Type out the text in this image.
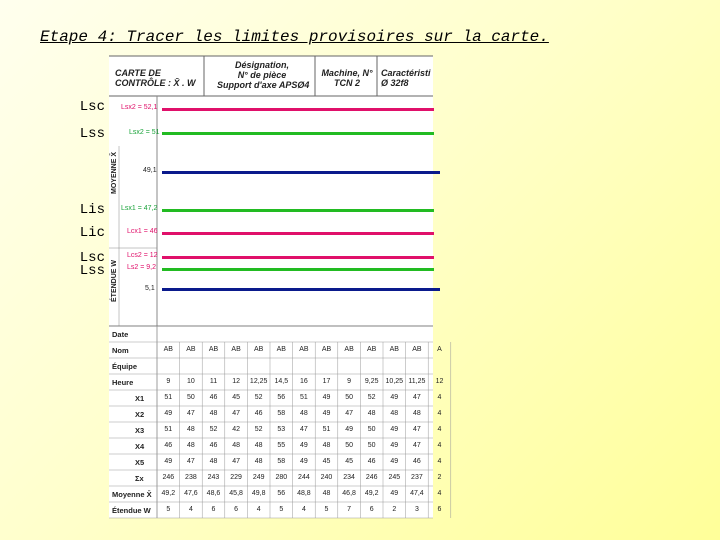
Etape 4: Tracer les limites provisoires sur la carte.
Lsc
Lss
Lis
Lic
Lsc
Lss
CARTE DE
CONTRÔLE : X̄ . W
Désignation,
N° de pièce
Support d'axe APSØ4
Machine, N°
TCN 2
Caractéristi
Ø 32f8
MOYENNE X̄
ÉTENDUE W
Lsx2 = 52,1
Lsx2 = 51
49,1
Lsx1 = 47,2
Lcx1 = 46
Lcs2 = 12
Ls2 = 9,2
5,1
Date
Nom
Équipe
Heure
X1
X2
X3
X4
X5
Σx
Moyenne X̄
Étendue W
AB
9
51
49
51
46
49
246
49,2
5
AB
10
50
47
48
48
47
238
47,6
4
AB
11
46
48
52
46
48
243
48,6
6
AB
12
45
47
42
48
47
229
45,8
6
AB
12,25
52
46
52
48
48
249
49,8
4
AB
14,5
56
58
53
55
58
280
56
5
AB
16
51
48
47
49
49
244
48,8
4
AB
17
49
49
51
48
45
240
48
5
AB
9
50
47
49
50
45
234
46,8
7
AB
9,25
52
48
50
50
46
246
49,2
6
AB
10,25
49
48
49
49
49
245
49
2
AB
11,25
47
48
47
47
46
237
47,4
3
A
12
4
4
4
4
4
2
4
6
